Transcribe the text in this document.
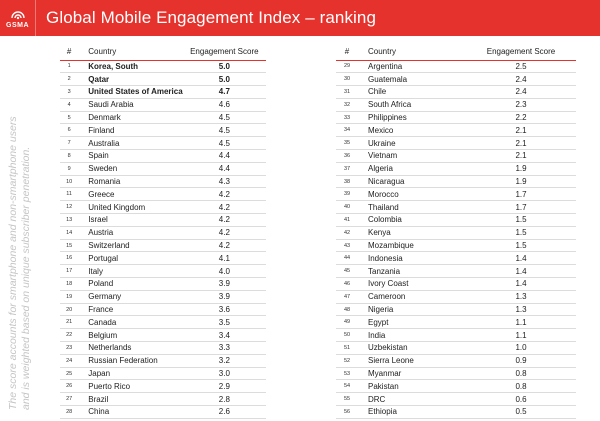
GSMA Global Mobile Engagement Index – ranking
The score accounts for smartphone and non-smartphone users and is weighted based on unique subscriber penetration.
#	Country	Engagement Score
1	Korea, South	5.0
2	Qatar	5.0
3	United States of America	4.7
4	Saudi Arabia	4.6
5	Denmark	4.5
6	Finland	4.5
7	Australia	4.5
8	Spain	4.4
9	Sweden	4.4
10	Romania	4.3
11	Greece	4.2
12	United Kingdom	4.2
13	Israel	4.2
14	Austria	4.2
15	Switzerland	4.2
16	Portugal	4.1
17	Italy	4.0
18	Poland	3.9
19	Germany	3.9
20	France	3.6
21	Canada	3.5
22	Belgium	3.4
23	Netherlands	3.3
24	Russian Federation	3.2
25	Japan	3.0
26	Puerto Rico	2.9
27	Brazil	2.8
28	China	2.6
#	Country	Engagement Score
29	Argentina	2.5
30	Guatemala	2.4
31	Chile	2.4
32	South Africa	2.3
33	Philippines	2.2
34	Mexico	2.1
35	Ukraine	2.1
36	Vietnam	2.1
37	Algeria	1.9
38	Nicaragua	1.9
39	Morocco	1.7
40	Thailand	1.7
41	Colombia	1.5
42	Kenya	1.5
43	Mozambique	1.5
44	Indonesia	1.4
45	Tanzania	1.4
46	Ivory Coast	1.4
47	Cameroon	1.3
48	Nigeria	1.3
49	Egypt	1.1
50	India	1.1
51	Uzbekistan	1.0
52	Sierra Leone	0.9
53	Myanmar	0.8
54	Pakistan	0.8
55	DRC	0.6
56	Ethiopia	0.5
